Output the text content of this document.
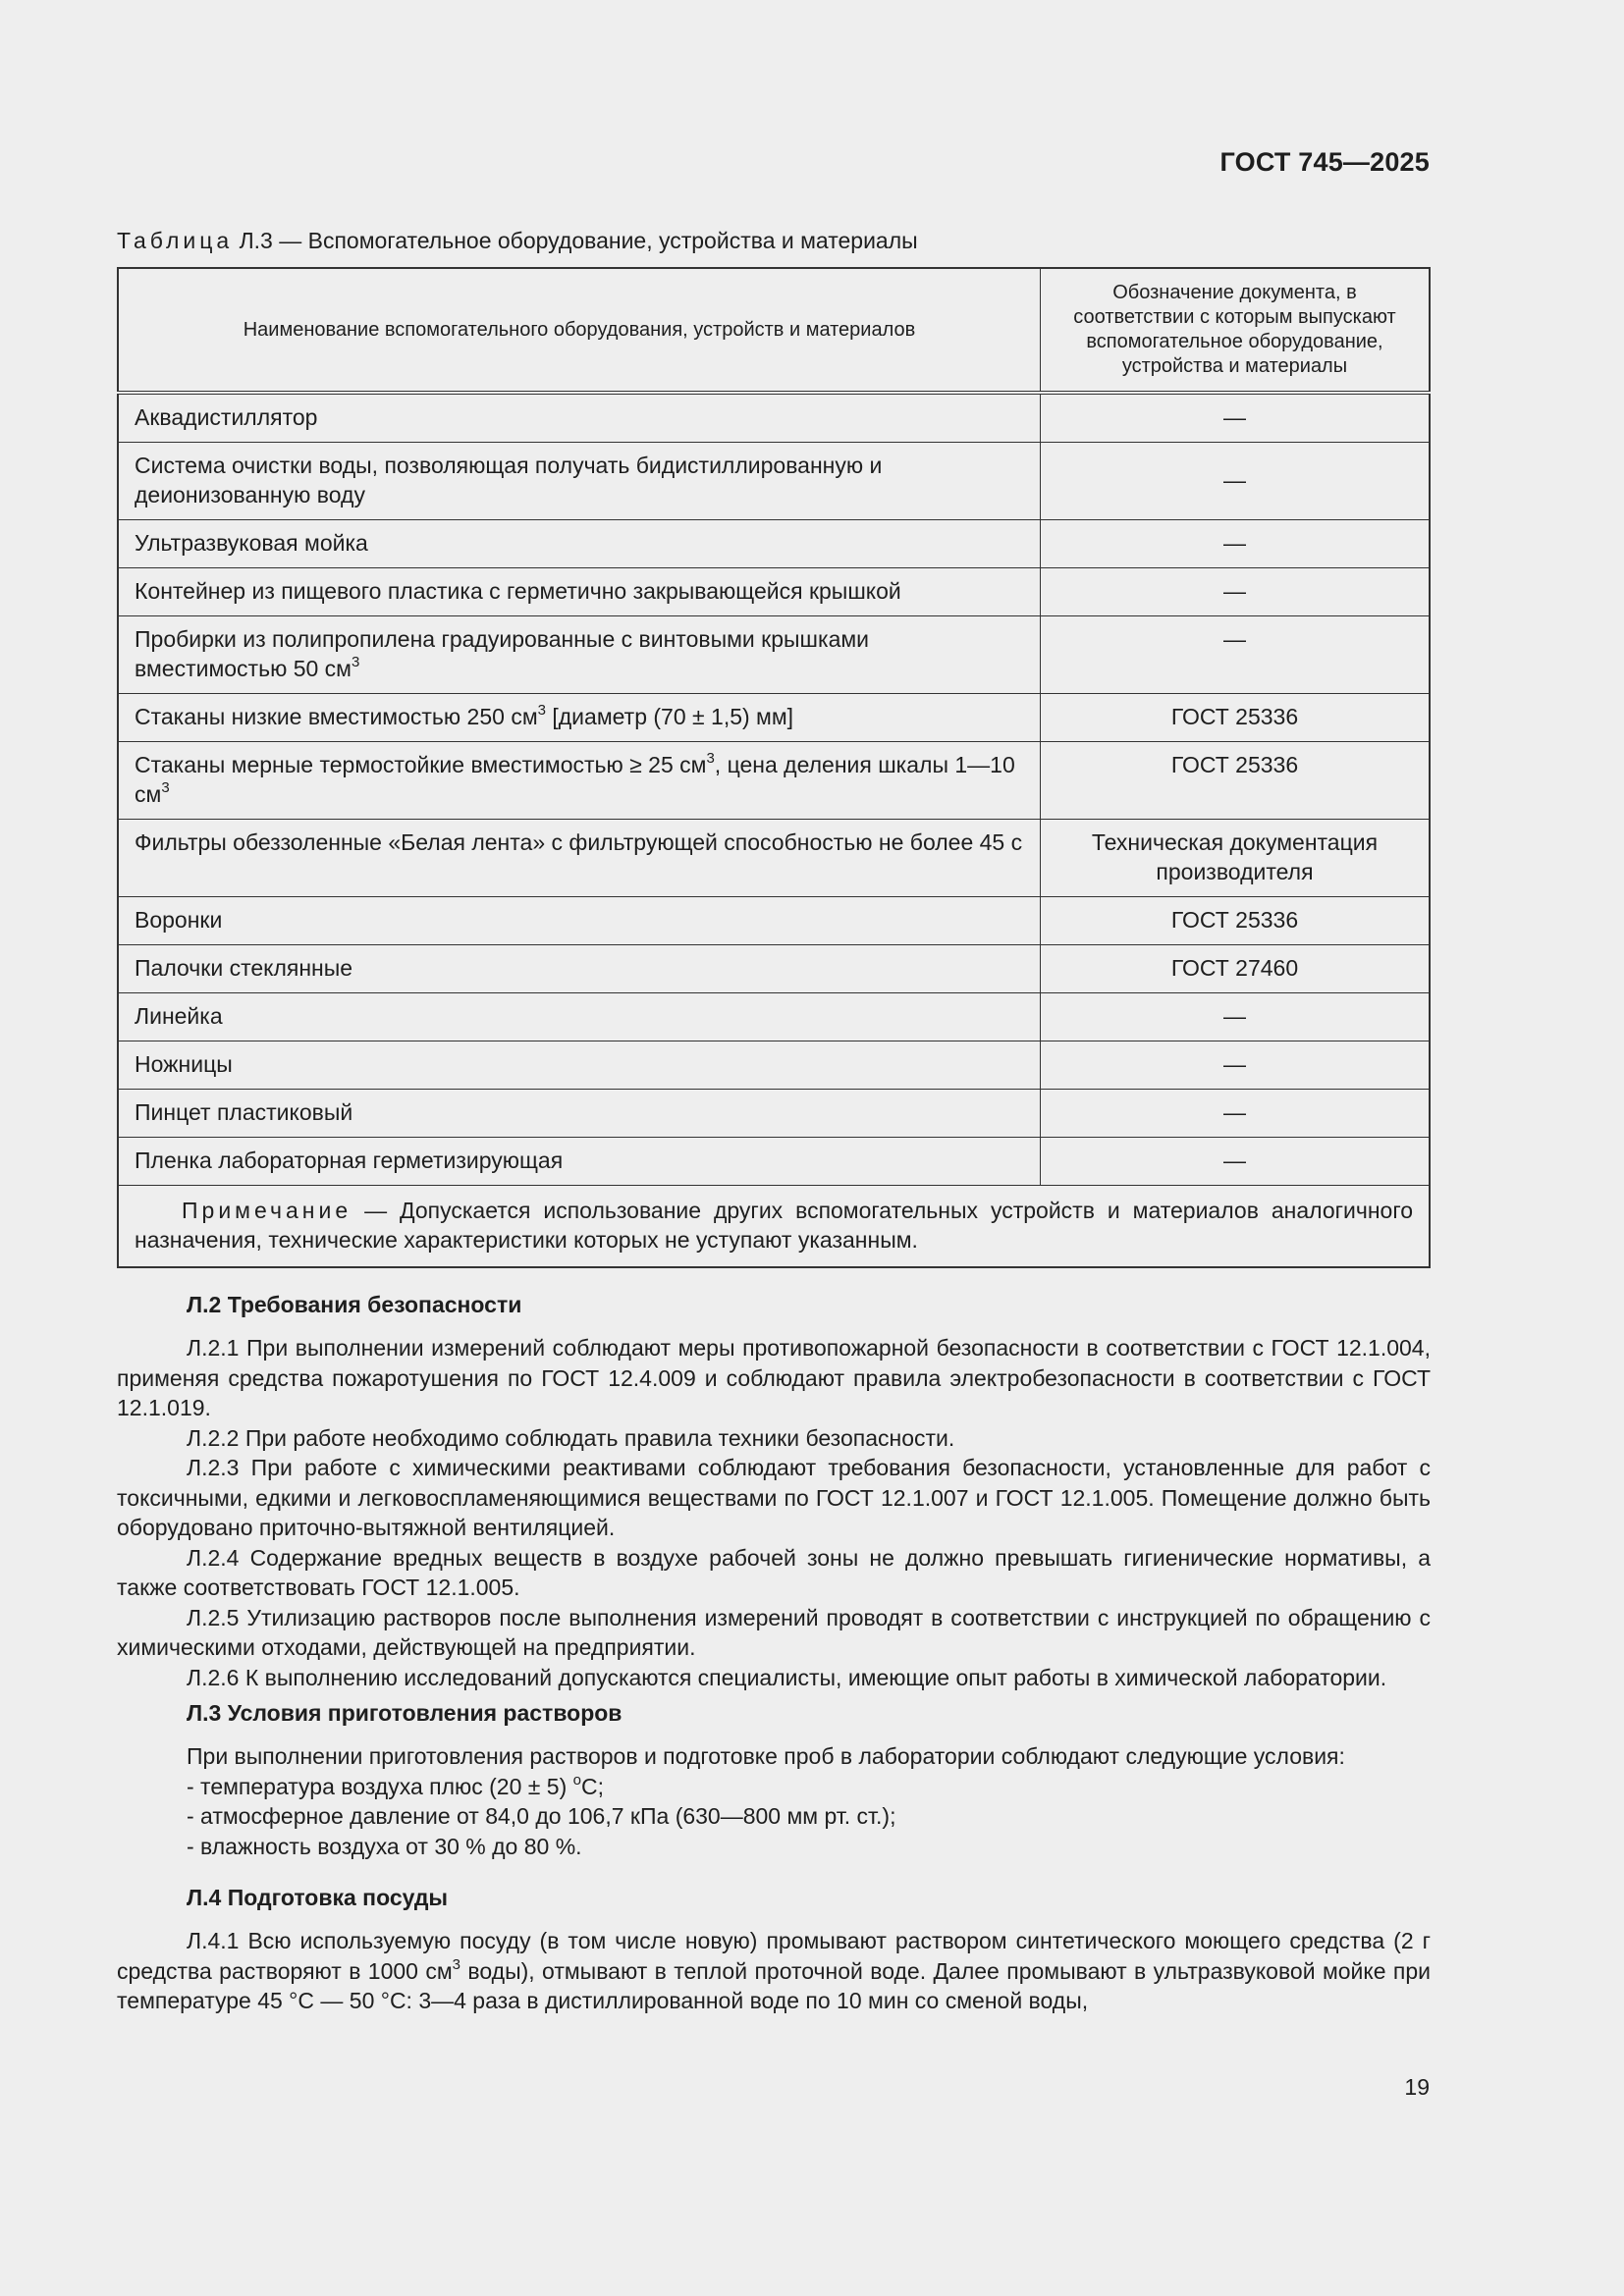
ГОСТ 745—2025
Таблица Л.3 — Вспомогательное оборудование, устройства и материалы
Наименование вспомогательного оборудования, устройств и материалов	Обозначение документа, в соответствии с которым выпускают вспомогательное оборудование, устройства и материалы
Аквадистиллятор	—
Система очистки воды, позволяющая получать бидистиллированную и деионизованную воду	—
Ультразвуковая мойка	—
Контейнер из пищевого пластика с герметично закрывающейся крышкой	—
Пробирки из полипропилена градуированные с винтовыми крышками вместимостью 50 $см^3$	—
Стаканы низкие вместимостью 250 $см^3$ [диаметр (70 ± 1,5) мм]	ГОСТ 25336
Стаканы мерные термостойкие вместимостью ≥ 25 $см^3$, цена деления шкалы 1—10 $см^3$	ГОСТ 25336
Фильтры обеззоленные «Белая лента» с фильтрующей способностью не более 45 с	Техническая документация производителя
Воронки	ГОСТ 25336
Палочки стеклянные	ГОСТ 27460
Линейка	—
Ножницы	—
Пинцет пластиковый	—
Пленка лабораторная герметизирующая	—
Примечание — Допускается использование других вспомогательных устройств и материалов аналогичного назначения, технические характеристики которых не уступают указанным.	
Л.2 Требования безопасности

Л.2.1 При выполнении измерений соблюдают меры противопожарной безопасности в соответствии с ГОСТ 12.1.004, применяя средства пожаротушения по ГОСТ 12.4.009 и соблюдают правила электробезопасности в соответствии с ГОСТ 12.1.019.

Л.2.2 При работе необходимо соблюдать правила техники безопасности.

Л.2.3 При работе с химическими реактивами соблюдают требования безопасности, установленные для работ с токсичными, едкими и легковоспламеняющимися веществами по ГОСТ 12.1.007 и ГОСТ 12.1.005. Помещение должно быть оборудовано приточно-вытяжной вентиляцией.

Л.2.4 Содержание вредных веществ в воздухе рабочей зоны не должно превышать гигиенические нормативы, а также соответствовать ГОСТ 12.1.005.

Л.2.5 Утилизацию растворов после выполнения измерений проводят в соответствии с инструкцией по обращению с химическими отходами, действующей на предприятии.

Л.2.6 К выполнению исследований допускаются специалисты, имеющие опыт работы в химической лаборатории.

Л.3 Условия приготовления растворов

При выполнении приготовления растворов и подготовке проб в лаборатории соблюдают следующие условия:

- температура воздуха плюс (20 ± 5) $^о$С;
- атмосферное давление от 84,0 до 106,7 кПа (630—800 мм рт. ст.);
- влажность воздуха от 30 % до 80 %.
Л.4 Подготовка посуды

Л.4.1 Всю используемую посуду (в том числе новую) промывают раствором синтетического моющего средства (2 г средства растворяют в 1000 $см^3$ воды), отмывают в теплой проточной воде. Далее промывают в ультразвуковой мойке при температуре 45 °С — 50 °С: 3—4 раза в дистиллированной воде по 10 мин со сменой воды,

19
